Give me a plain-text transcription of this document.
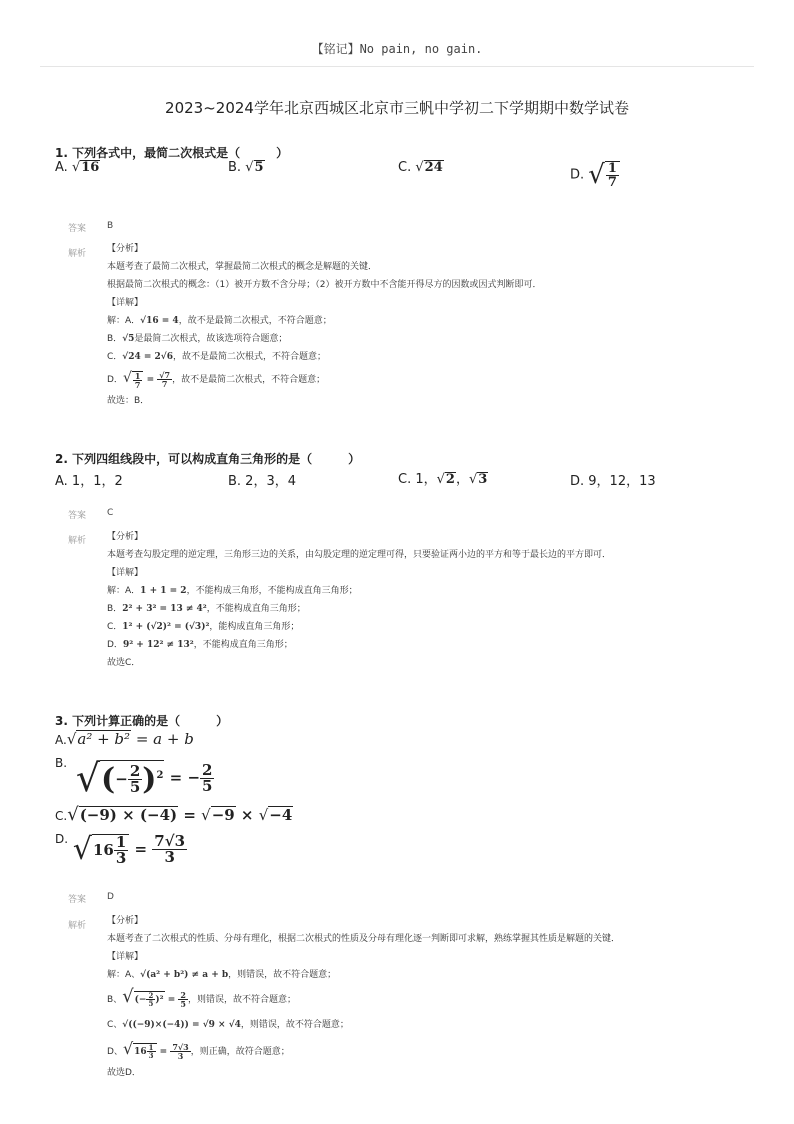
【铭记】No pain, no gain.
2023~2024学年北京西城区北京市三帆中学初二下学期期中数学试卷
1. 下列各式中，最简二次根式是（　　　）
A. √16	B. √5	C. √24	D. √ $\frac{1}{7}$
答案 B
解析 【分析】
本题考查了最简二次根式，掌握最简二次根式的概念是解题的关键．
根据最简二次根式的概念：（1）被开方数不含分母；（2）被开方数中不含能开得尽方的因数或因式判断即可．
【详解】
解：A．√16 = 4，故不是最简二次根式，不符合题意；
B．√5是最简二次根式，故该选项符合题意；
C．√24 = 2√6，故不是最简二次根式，不符合题意；
D．√ $\frac{1}{7} = \frac{√7}{7}$ ，故不是最简二次根式，不符合题意；
故选：B．
2. 下列四组线段中，可以构成直角三角形的是（　　　）
A. 1，1，2	B. 2，3，4	C. 1，√2，√3	D. 9，12，13
答案 C
解析 【分析】
本题考查勾股定理的逆定理，三角形三边的关系，由勾股定理的逆定理可得，只要验证两小边的平方和等于最长边的平方即可．
【详解】
解：A．1 + 1 = 2，不能构成三角形，不能构成直角三角形；
B．2² + 3² = 13 ≠ 4²，不能构成直角三角形；
C．1² + (√2)² = (√3)²，能构成直角三角形；
D．9² + 12² ≠ 13²，不能构成直角三角形；
故选C．
3. 下列计算正确的是（　　　）
A.√a² + b² = a + b
$^{B.}$ √(− $\frac{2}{5} )^2$ = − $\frac{2}{5}$
C.√(−9) × (−4) = √−9 × √−4
$^{D.}$ $√16 \frac{1}{3} = \frac{7√3}{3}$
答案 D
解析 【分析】
本题考查了二次根式的性质、分母有理化，根据二次根式的性质及分母有理化逐一判断即可求解，熟练掌握其性质是解题的关键．
【详解】
解：A、√(a² + b²) ≠ a + b，则错误，故不符合题意；
B、√(− $\frac{2}{5} )^2 = \frac{2}{5}$ ，则错误，故不符合题意；
C、√((−9)×(−4)) = √9 × √4，则错误，故不符合题意；
D、$√16 \frac{1}{3} = \frac{7√3}{3}$ ，则正确，故符合题意；
故选D．
